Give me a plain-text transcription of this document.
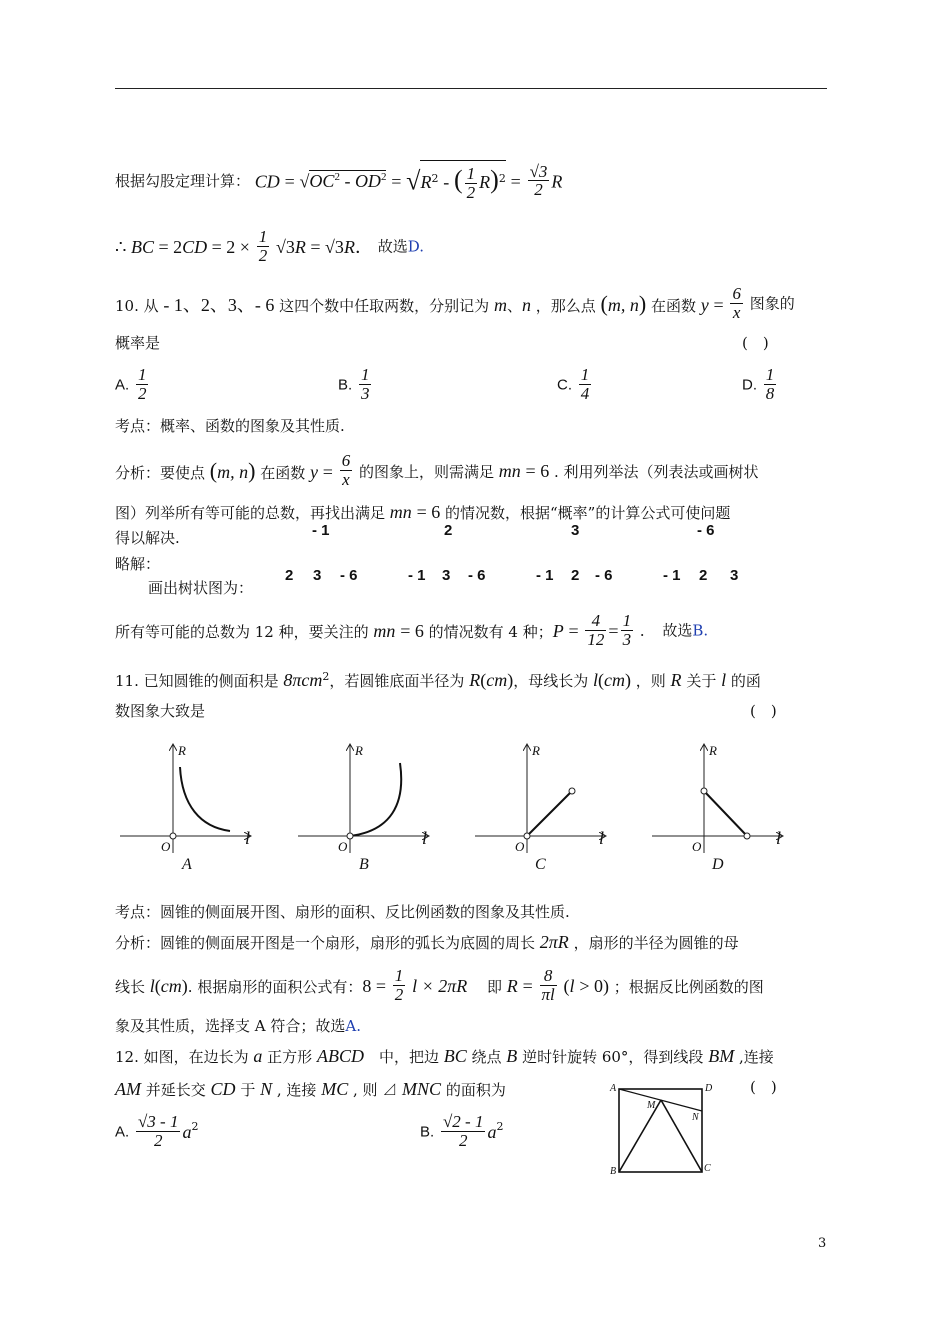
根据勾股定理计算： CD = $√OC^2 - OD^2 = √R^2$ - ( $\frac{1}{2} R)^2 = \frac{√3}{2}$ R
∴ BC = $2CD = 2 \times \frac{1}{2} √3R = √3R$． 故选D.
10. 从 - 1、2、3、- 6 这四个数中任取两数，分别记为 m、n ，那么点 (m, n) 在函数 $y = \frac{6}{x}$ 图象的
概率是	(　)
A. $\frac{1}{2}$	B. $\frac{1}{3}$	C. $\frac{1}{4}$	D. $\frac{1}{8}$
考点：概率、函数的图象及其性质.
分析：要使点 (m, n) 在函数 $y = \frac{6}{x}$ 的图象上，则需满足 mn = 6 . 利用列举法（列表法或画树状
图）列举所有等可能的总数，再找出满足 mn = 6 的情况数，根据“概率”的计算公式可使问题
得以解决.
略解：
画出树状图为：
- 1	2	3	- 6
2 3 - 6	- 1 3 - 6	- 1 2 - 6	- 1 2 3
所有等可能的总数为 12 种，要关注的 mn = 6 的情况数有 4 种；$P = \frac{4}{12} = \frac{1}{3}$ ．　故选B.
11. 已知圆锥的侧面积是 8πcm$^2$，若圆锥底面半径为 R(cm)，母线长为 l(cm) ，则 R 关于 l 的函
数图象大致是	(　)
R	R	R	R
l	l	l	l
O	O	O	O
A	B	C	D
考点：圆锥的侧面展开图、扇形的面积、反比例函数的图象及其性质.
分析：圆锥的侧面展开图是一个扇形，扇形的弧长为底圆的周长 2πR ，扇形的半径为圆锥的母
线长 l(cm). 根据扇形的面积公式有：$8 = \frac{1}{2}$ l × 2πR 　即 $R = \frac{8}{\pi l} (l > 0)$ ；根据反比例函数的图
象及其性质，选择支 A 符合；故选A.
12. 如图，在边长为 a 正方形 ABCD　中，把边 BC 绕点 B 逆时针旋转 60°，得到线段 BM ,连接
AM 并延长交 CD 于 N , 连接 MC , 则 ⊿ MNC 的面积为	(　)
A. $\frac{√3 - 1}{2} a^2$	B. $\frac{√2 - 1}{2} a^2$
A	D
M
N
B	C
3
